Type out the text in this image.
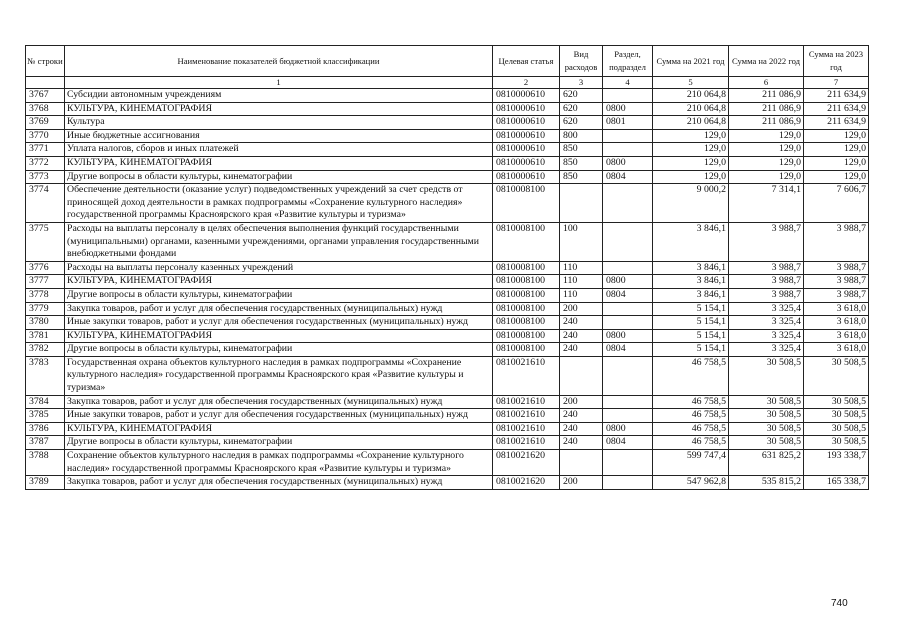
№ строки	Наименование показателей бюджетной классификации	Целевая статья	Вид расходов	Раздел, подраздел	Сумма на 2021 год	Сумма на 2022 год	Сумма на 2023 год
	1	2	3	4	5	6	7
3767	Субсидии автономным учреждениям	0810000610	620		210 064,8	211 086,9	211 634,9
3768	КУЛЬТУРА, КИНЕМАТОГРАФИЯ	0810000610	620	0800	210 064,8	211 086,9	211 634,9
3769	Культура	0810000610	620	0801	210 064,8	211 086,9	211 634,9
3770	Иные бюджетные ассигнования	0810000610	800		129,0	129,0	129,0
3771	Уплата налогов, сборов и иных платежей	0810000610	850		129,0	129,0	129,0
3772	КУЛЬТУРА, КИНЕМАТОГРАФИЯ	0810000610	850	0800	129,0	129,0	129,0
3773	Другие вопросы в области культуры, кинематографии	0810000610	850	0804	129,0	129,0	129,0
3774	Обеспечение деятельности (оказание услуг) подведомственных учреждений за счет средств от приносящей доход деятельности в рамках подпрограммы «Сохранение культурного наследия» государственной программы Красноярского края «Развитие культуры и туризма»	0810008100			9 000,2	7 314,1	7 606,7
3775	Расходы на выплаты персоналу в целях обеспечения выполнения функций государственными (муниципальными) органами, казенными учреждениями, органами управления государственными внебюджетными фондами	0810008100	100		3 846,1	3 988,7	3 988,7
3776	Расходы на выплаты персоналу казенных учреждений	0810008100	110		3 846,1	3 988,7	3 988,7
3777	КУЛЬТУРА, КИНЕМАТОГРАФИЯ	0810008100	110	0800	3 846,1	3 988,7	3 988,7
3778	Другие вопросы в области культуры, кинематографии	0810008100	110	0804	3 846,1	3 988,7	3 988,7
3779	Закупка товаров, работ и услуг для обеспечения государственных (муниципальных) нужд	0810008100	200		5 154,1	3 325,4	3 618,0
3780	Иные закупки товаров, работ и услуг для обеспечения государственных (муниципальных) нужд	0810008100	240		5 154,1	3 325,4	3 618,0
3781	КУЛЬТУРА, КИНЕМАТОГРАФИЯ	0810008100	240	0800	5 154,1	3 325,4	3 618,0
3782	Другие вопросы в области культуры, кинематографии	0810008100	240	0804	5 154,1	3 325,4	3 618,0
3783	Государственная охрана объектов культурного наследия в рамках подпрограммы «Сохранение культурного наследия» государственной программы Красноярского края «Развитие культуры и туризма»	0810021610			46 758,5	30 508,5	30 508,5
3784	Закупка товаров, работ и услуг для обеспечения государственных (муниципальных) нужд	0810021610	200		46 758,5	30 508,5	30 508,5
3785	Иные закупки товаров, работ и услуг для обеспечения государственных (муниципальных) нужд	0810021610	240		46 758,5	30 508,5	30 508,5
3786	КУЛЬТУРА, КИНЕМАТОГРАФИЯ	0810021610	240	0800	46 758,5	30 508,5	30 508,5
3787	Другие вопросы в области культуры, кинематографии	0810021610	240	0804	46 758,5	30 508,5	30 508,5
3788	Сохранение объектов культурного наследия в рамках подпрограммы «Сохранение культурного наследия» государственной программы Красноярского края «Развитие культуры и туризма»	0810021620			599 747,4	631 825,2	193 338,7
3789	Закупка товаров, работ и услуг для обеспечения государственных (муниципальных) нужд	0810021620	200		547 962,8	535 815,2	165 338,7
740
